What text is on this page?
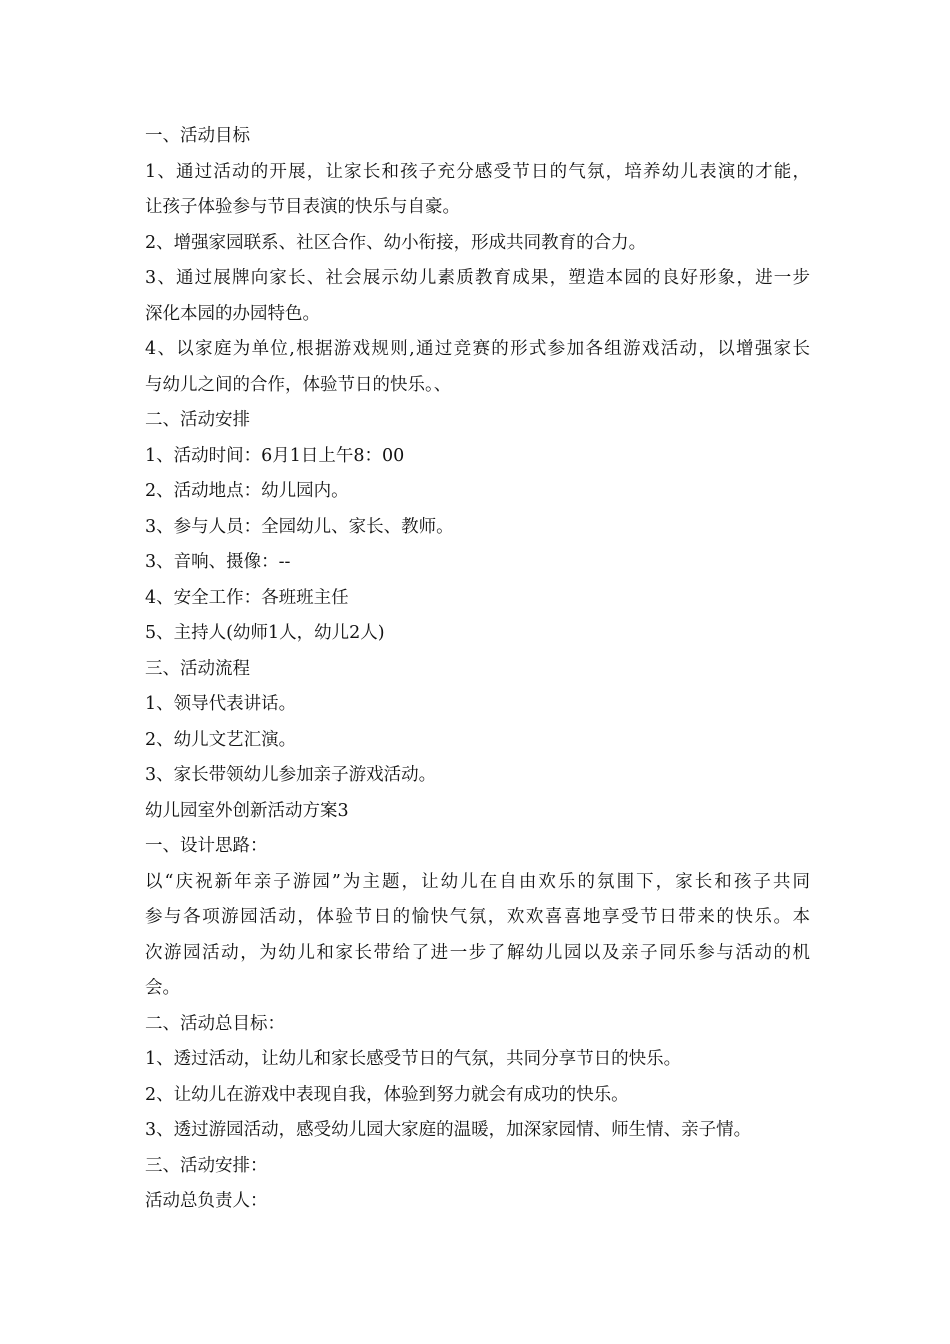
一、活动目标

1、通过活动的开展，让家长和孩子充分感受节日的气氛，培养幼儿表演的才能，

让孩子体验参与节目表演的快乐与自豪。

2、增强家园联系、社区合作、幼小衔接，形成共同教育的合力。

3、通过展牌向家长、社会展示幼儿素质教育成果，塑造本园的良好形象，进一步

深化本园的办园特色。

4、以家庭为单位,根据游戏规则,通过竞赛的形式参加各组游戏活动，以增强家长

与幼儿之间的合作，体验节日的快乐。、

二、活动安排

1、活动时间：6月1日上午8：00

2、活动地点：幼儿园内。

3、参与人员：全园幼儿、家长、教师。

3、音响、摄像：--

4、安全工作：各班班主任

5、主持人(幼师1人，幼儿2人)

三、活动流程

1、领导代表讲话。

2、幼儿文艺汇演。

3、家长带领幼儿参加亲子游戏活动。

幼儿园室外创新活动方案3

一、设计思路：

以“庆祝新年亲子游园”为主题，让幼儿在自由欢乐的氛围下，家长和孩子共同

参与各项游园活动，体验节日的愉快气氛，欢欢喜喜地享受节日带来的快乐。本

次游园活动，为幼儿和家长带给了进一步了解幼儿园以及亲子同乐参与活动的机

会。

二、活动总目标：

1、透过活动，让幼儿和家长感受节日的气氛，共同分享节日的快乐。

2、让幼儿在游戏中表现自我，体验到努力就会有成功的快乐。

3、透过游园活动，感受幼儿园大家庭的温暖，加深家园情、师生情、亲子情。

三、活动安排：

活动总负责人：
